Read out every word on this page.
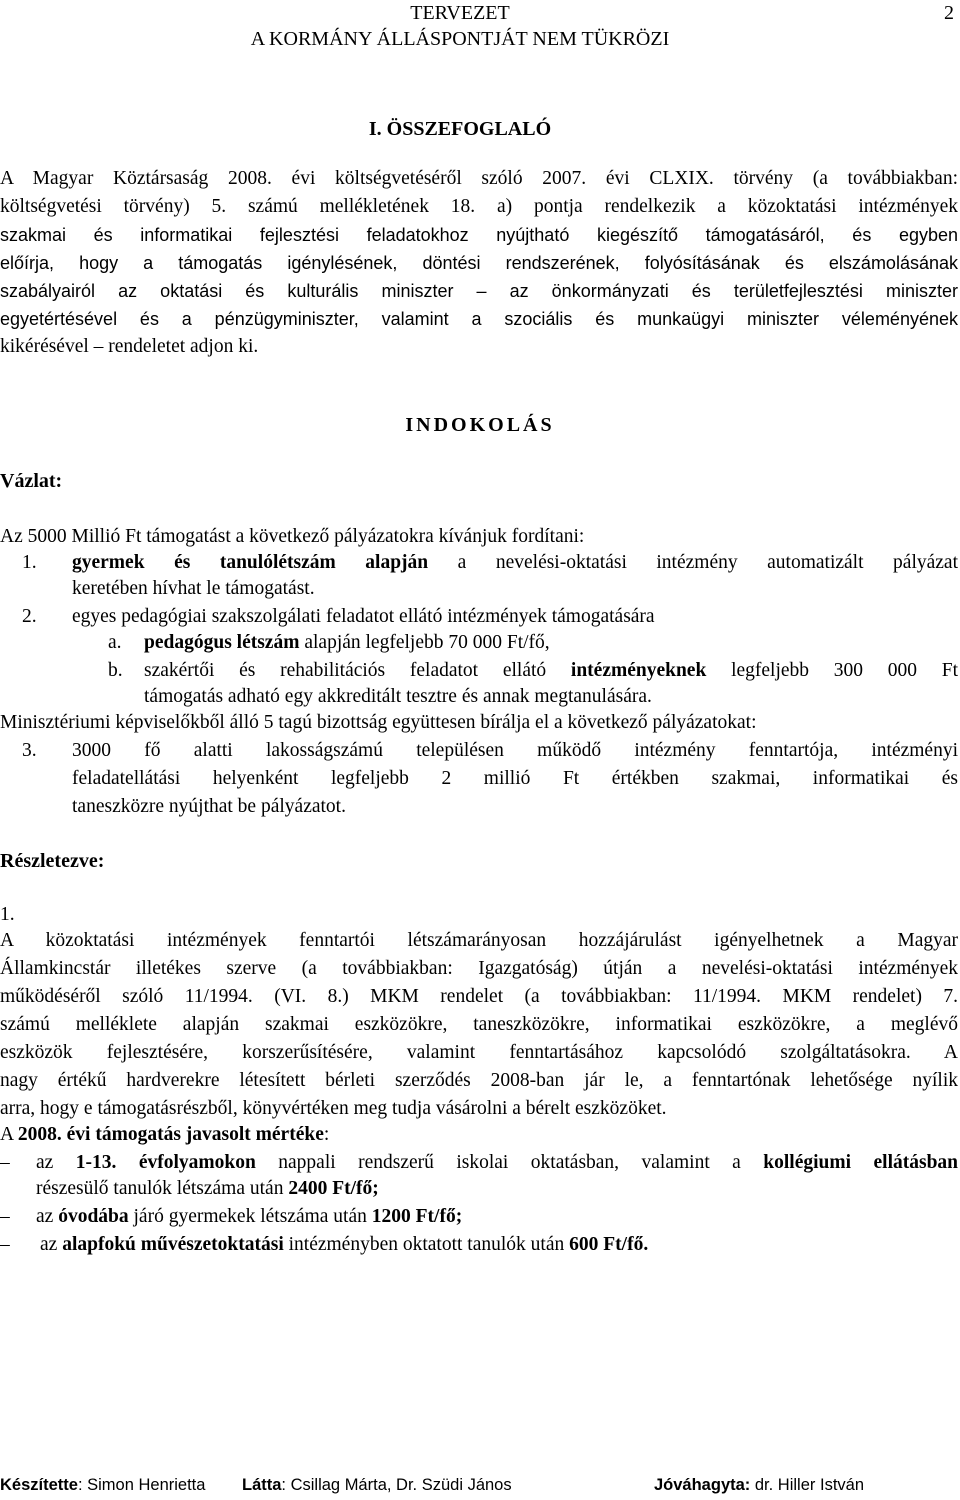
TERVEZET
A KORMÁNY ÁLLÁSPONTJÁT NEM TÜKRÖZI
2
I. ÖSSZEFOGLALÓ
A Magyar Köztársaság 2008. évi költségvetéséről szóló 2007. évi CLXIX. törvény (a továbbiakban:
költségvetési törvény) 5. számú mellékletének 18. a) pontja rendelkezik a közoktatási intézmények
szakmai és informatikai fejlesztési feladatokhoz nyújtható kiegészítő támogatásáról, és egyben
előírja, hogy a támogatás igénylésének, döntési rendszerének, folyósításának és elszámolásának
szabályairól az oktatási és kulturális miniszter – az önkormányzati és területfejlesztési miniszter
egyetértésével és a pénzügyminiszter, valamint a szociális és munkaügyi miniszter véleményének
kikérésével – rendeletet adjon ki.
INDOKOLÁS
Vázlat:
Az 5000 Millió Ft támogatást a következő pályázatokra kívánjuk fordítani:
1. gyermek és tanulólétszám alapján a nevelési-oktatási intézmény automatizált pályázat
keretében hívhat le támogatást.
2. egyes pedagógiai szakszolgálati feladatot ellátó intézmények támogatására
a. pedagógus létszám alapján legfeljebb 70 000 Ft/fő,
b. szakértői és rehabilitációs feladatot ellátó intézményeknek legfeljebb 300 000 Ft
támogatás adható egy akkreditált tesztre és annak megtanulására.
Minisztériumi képviselőkből álló 5 tagú bizottság együttesen bírálja el a következő pályázatokat:
3. 3000 fő alatti lakosságszámú településen működő intézmény fenntartója, intézményi
feladatellátási helyenként legfeljebb 2 millió Ft értékben szakmai, informatikai és
taneszközre nyújthat be pályázatot.
Részletezve:
1.
A közoktatási intézmények fenntartói létszámarányosan hozzájárulást igényelhetnek a Magyar
Államkincstár illetékes szerve (a továbbiakban: Igazgatóság) útján a nevelési-oktatási intézmények
működéséről szóló 11/1994. (VI. 8.) MKM rendelet (a továbbiakban: 11/1994. MKM rendelet) 7.
számú melléklete alapján szakmai eszközökre, taneszközökre, informatikai eszközökre, a meglévő
eszközök fejlesztésére, korszerűsítésére, valamint fenntartásához kapcsolódó szolgáltatásokra. A
nagy értékű hardverekre létesített bérleti szerződés 2008-ban jár le, a fenntartónak lehetősége nyílik
arra, hogy e támogatásrészből, könyvértéken meg tudja vásárolni a bérelt eszközöket.
A 2008. évi támogatás javasolt mértéke:
– az 1-13. évfolyamokon nappali rendszerű iskolai oktatásban, valamint a kollégiumi ellátásban
részesülő tanulók létszáma után 2400 Ft/fő;
– az óvodába járó gyermekek létszáma után 1200 Ft/fő;
– az alapfokú művészetoktatási intézményben oktatott tanulók után 600 Ft/fő.
Készítette: Simon Henrietta Látta: Csillag Márta, Dr. Szüdi János	Jóváhagyta: dr. Hiller István
